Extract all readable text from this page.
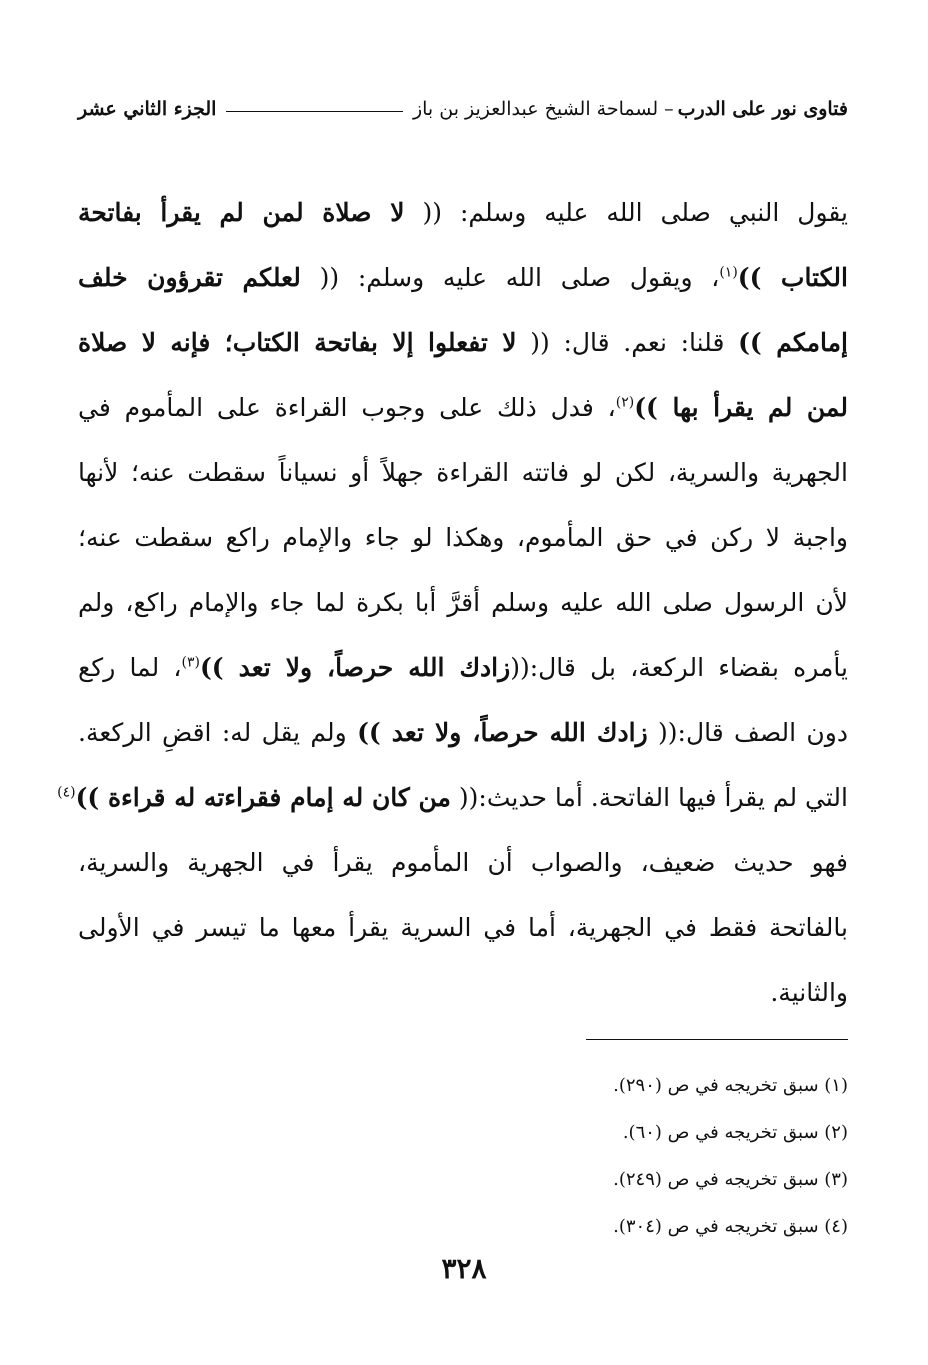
فتاوى نور على الدرب
– لسماحة الشيخ عبدالعزيز بن باز
الجزء الثاني عشر
يقول النبي صلى الله عليه وسلم: (( لا صلاة لمن لم يقرأ بفاتحة
الكتاب ))$^{(١)}$، ويقول صلى الله عليه وسلم: (( لعلكم تقرؤون خلف
إمامكم )) قلنا: نعم. قال: (( لا تفعلوا إلا بفاتحة الكتاب؛ فإنه لا صلاة
لمن لم يقرأ بها ))$^{(٢)}$، فدل ذلك على وجوب القراءة على المأموم في
الجهرية والسرية، لكن لو فاتته القراءة جهلاً أو نسياناً سقطت عنه؛ لأنها
واجبة لا ركن في حق المأموم، وهكذا لو جاء والإمام راكع سقطت عنه؛
لأن الرسول صلى الله عليه وسلم أقرَّ أبا بكرة لما جاء والإمام راكع، ولم
يأمره بقضاء الركعة، بل قال:((زادك الله حرصاً، ولا تعد ))$^{(٣)}$، لما ركع
دون الصف قال:(( زادك الله حرصاً، ولا تعد )) ولم يقل له: اقضِ الركعة.
التي لم يقرأ فيها الفاتحة. أما حديث:(( من كان له إمام فقراءته له قراءة ))$^{(٤)}$
فهو حديث ضعيف، والصواب أن المأموم يقرأ في الجهرية والسرية،
بالفاتحة فقط في الجهرية، أما في السرية يقرأ معها ما تيسر في الأولى
والثانية.
(١) سبق تخريجه في ص (٢٩٠).
(٢) سبق تخريجه في ص (٦٠).
(٣) سبق تخريجه في ص (٢٤٩).
(٤) سبق تخريجه في ص (٣٠٤).
٣٢٨
